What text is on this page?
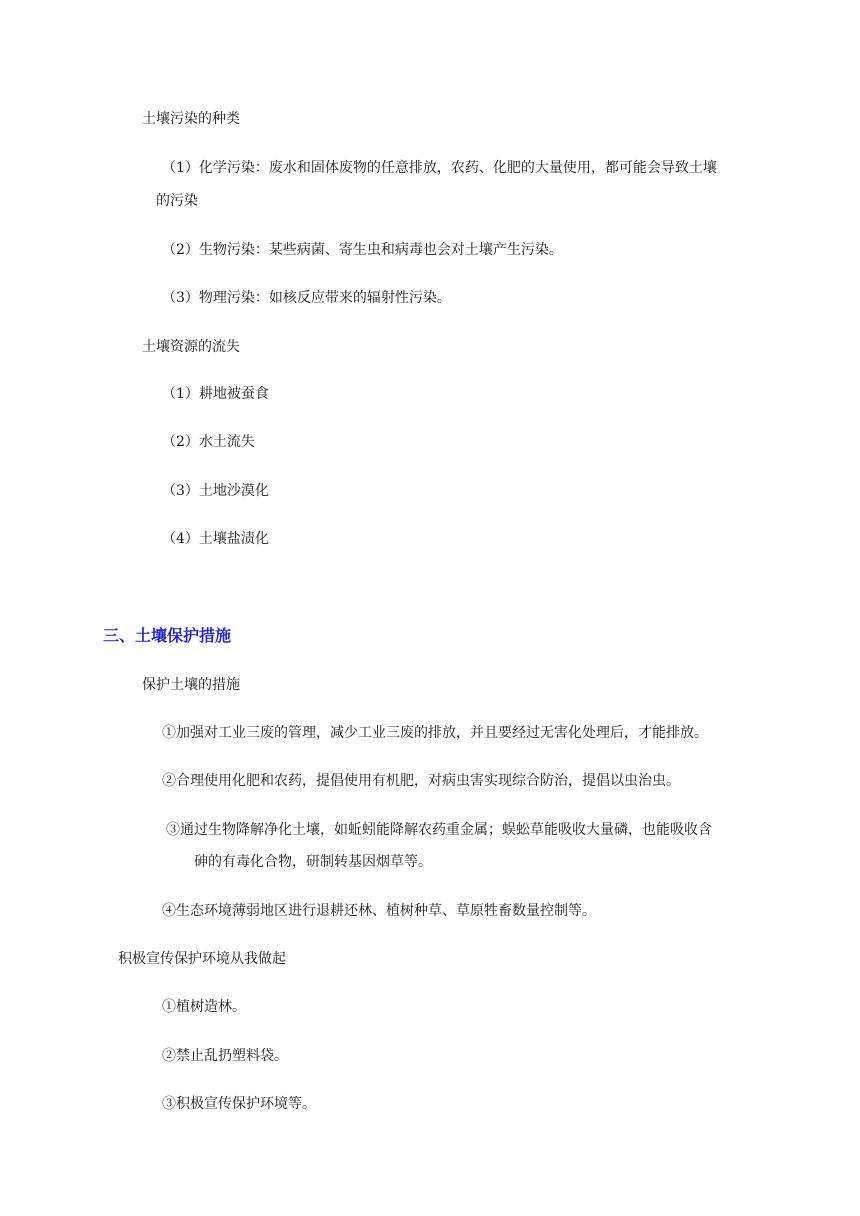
土壤污染的种类
（1）化学污染：废水和固体废物的任意排放，农药、化肥的大量使用，都可能会导致土壤
的污染
（2）生物污染：某些病菌、寄生虫和病毒也会对土壤产生污染。
（3）物理污染：如核反应带来的辐射性污染。
土壤资源的流失
（1）耕地被蚕食
（2）水土流失
（3）土地沙漠化
（4）土壤盐渍化
三、土壤保护措施
保护土壤的措施
①加强对工业三废的管理，减少工业三废的排放，并且要经过无害化处理后，才能排放。
②合理使用化肥和农药，提倡使用有机肥，对病虫害实现综合防治，提倡以虫治虫。
③通过生物降解净化土壤，如蚯蚓能降解农药重金属；蜈蚣草能吸收大量磷，也能吸收含
砷的有毒化合物，研制转基因烟草等。
④生态环境薄弱地区进行退耕还林、植树种草、草原牲畜数量控制等。
积极宣传保护环境从我做起
①植树造林。
②禁止乱扔塑料袋。
③积极宣传保护环境等。
